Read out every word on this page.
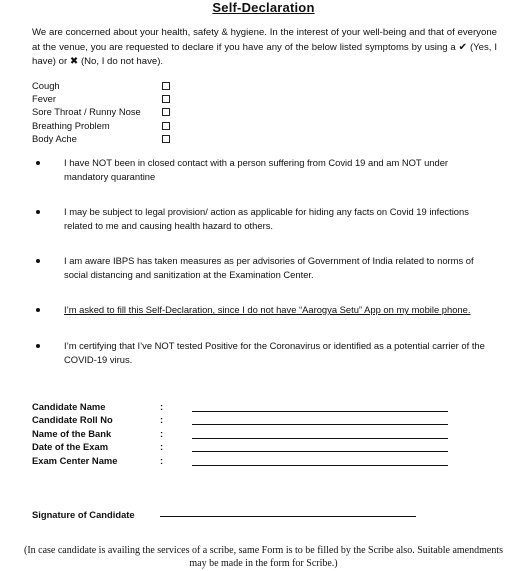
Self-Declaration
We are concerned about your health, safety & hygiene. In the interest of your well-being and that of everyone at the venue, you are requested to declare if you have any of the below listed symptoms by using a ✔ (Yes, I have) or ✖ (No, I do not have).
Cough
Fever
Sore Throat / Runny Nose
Breathing Problem
Body Ache
I have NOT been in closed contact with a person suffering from Covid 19 and am NOT under mandatory quarantine
I may be subject to legal provision/ action as applicable for hiding any facts on Covid 19 infections related to me and causing health hazard to others.
I am aware IBPS has taken measures as per advisories of Government of India related to norms of social distancing and sanitization at the Examination Center.
I’m asked to fill this Self-Declaration, since I do not have “Aarogya Setu” App on my mobile phone.
I’m certifying that I’ve NOT tested Positive for the Coronavirus or identified as a potential carrier of the COVID-19 virus.
Candidate Name	:
Candidate Roll No	:
Name of the Bank	:
Date of the Exam	:
Exam Center Name	:
Signature of Candidate
(In case candidate is availing the services of a scribe, same Form is to be filled by the Scribe also. Suitable amendments may be made in the form for Scribe.)
